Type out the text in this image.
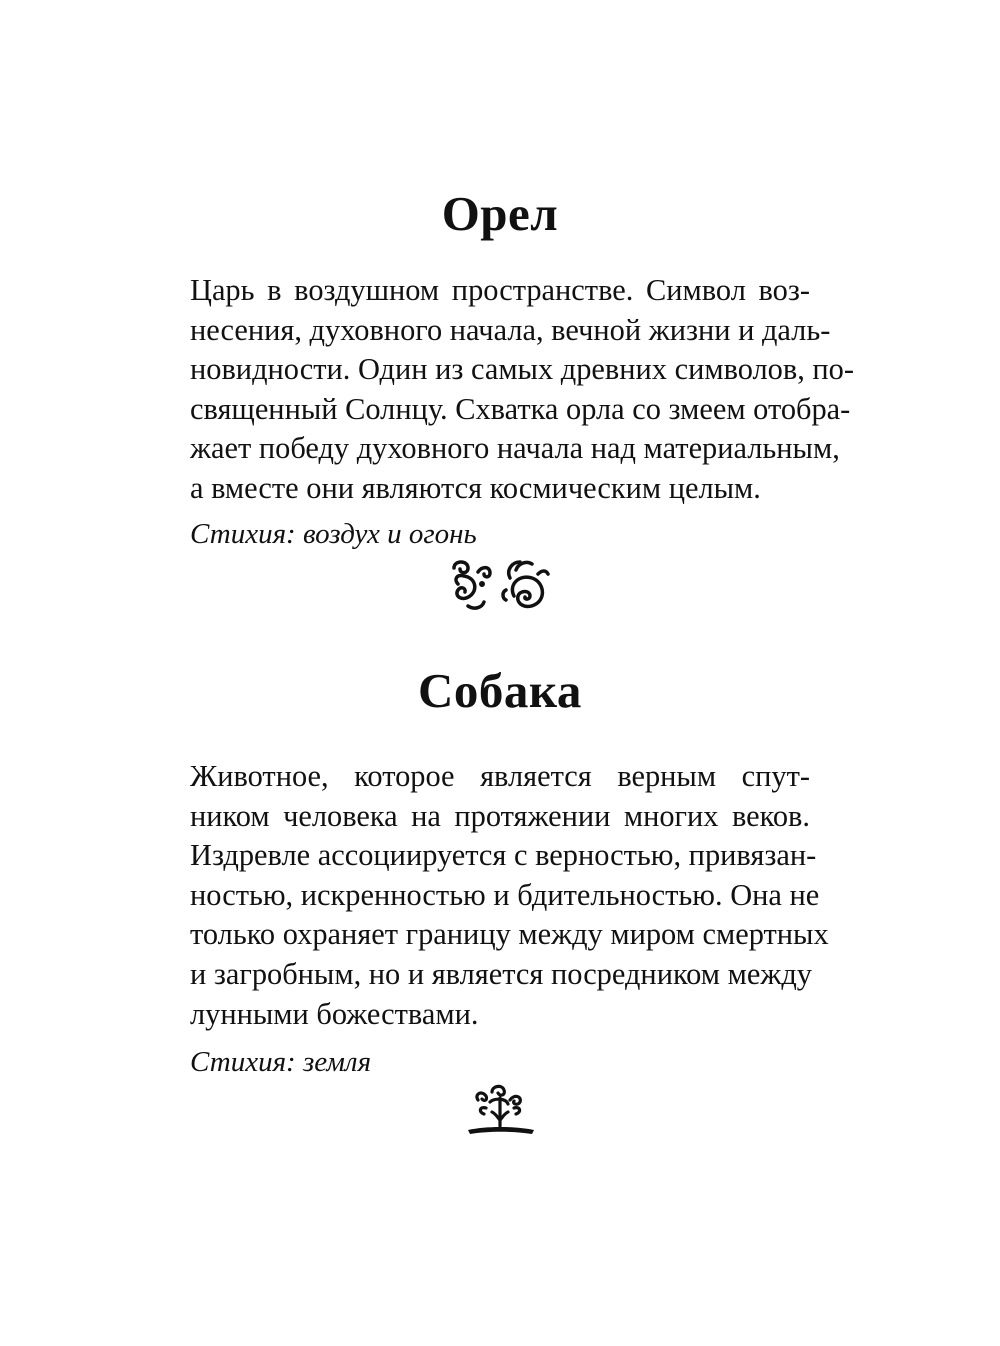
Орел
Царь в воздушном пространстве. Символ воз-
несения, духовного начала, вечной жизни и даль-
новидности. Один из самых древних символов, по-
священный Солнцу. Схватка орла со змеем отобра-
жает победу духовного начала над материальным,
а вместе они являются космическим целым.

Стихия: воздух и огонь

Собака
Животное, которое является верным спут-
ником человека на протяжении многих веков.
Издревле ассоциируется с верностью, привязан-
ностью, искренностью и бдительностью. Она не
только охраняет границу между миром смертных
и загробным, но и является посредником между
лунными божествами.

Стихия: земля
